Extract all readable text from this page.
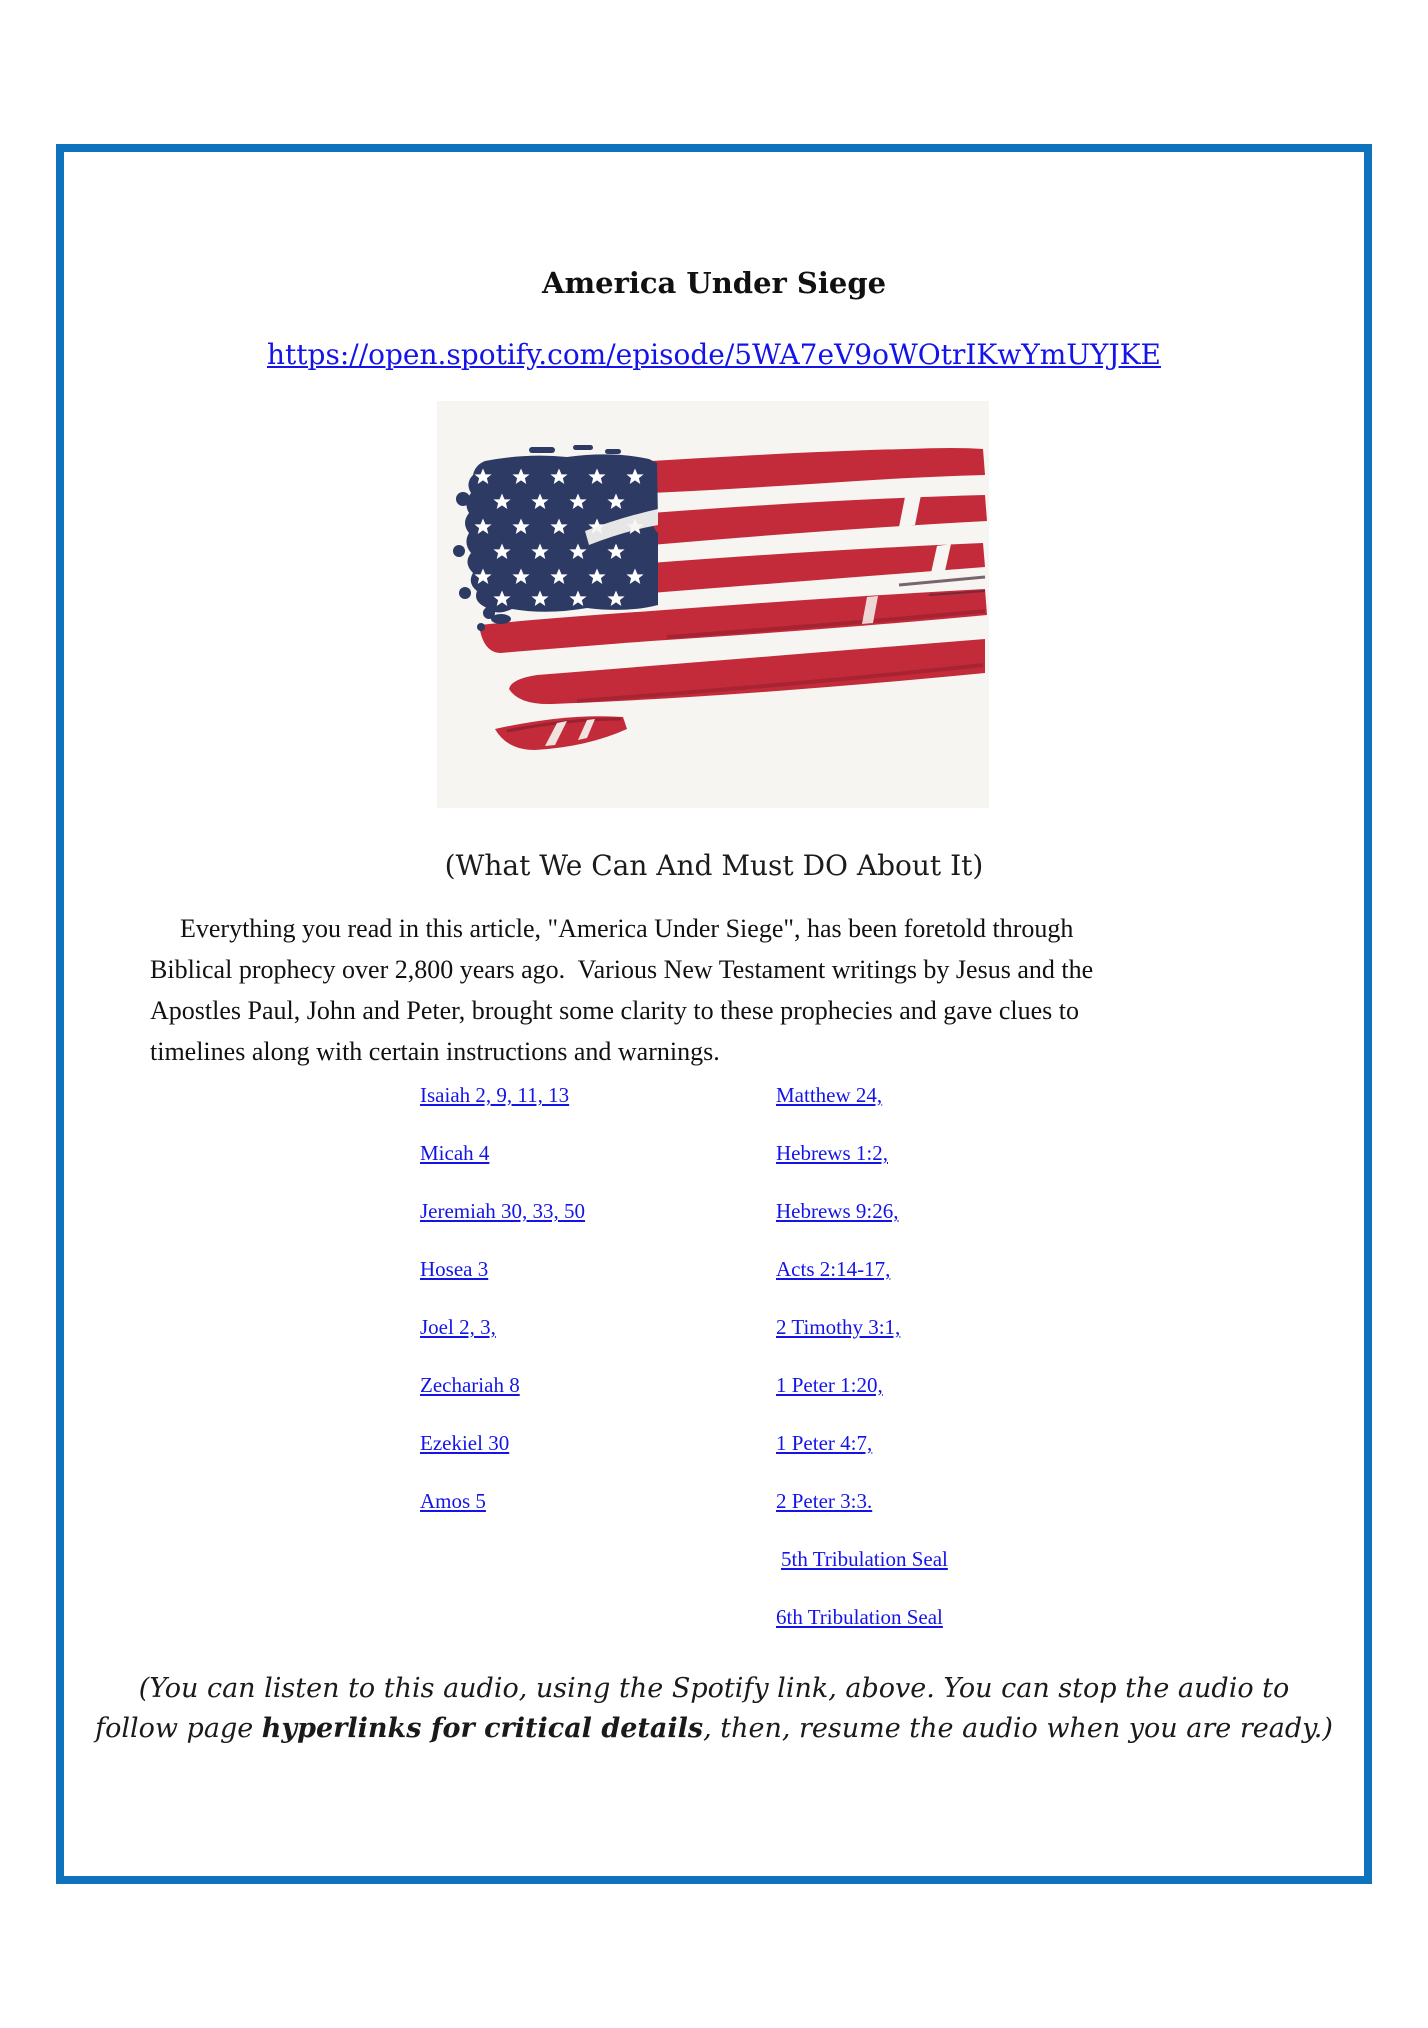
America Under Siege
https://open.spotify.com/episode/5WA7eV9oWOtrIKwYmUYJKE
(What We Can And Must DO About It)
Everything you read in this article, "America Under Siege", has been foretold through
Biblical prophecy over 2,800 years ago.  Various New Testament writings by Jesus and the
Apostles Paul, John and Peter, brought some clarity to these prophecies and gave clues to
timelines along with certain instructions and warnings.
Isaiah 2, 9, 11, 13
Micah 4
Jeremiah 30, 33, 50
Hosea 3
Joel 2, 3,
Zechariah 8
Ezekiel 30
Amos 5
Matthew 24,
Hebrews 1:2,
Hebrews 9:26,
Acts 2:14-17,
2 Timothy 3:1,
1 Peter 1:20,
1 Peter 4:7,
2 Peter 3:3.
5th Tribulation Seal
6th Tribulation Seal
(You can listen to this audio, using the Spotify link, above. You can stop the audio to
follow page hyperlinks for critical details, then, resume the audio when you are ready.)
